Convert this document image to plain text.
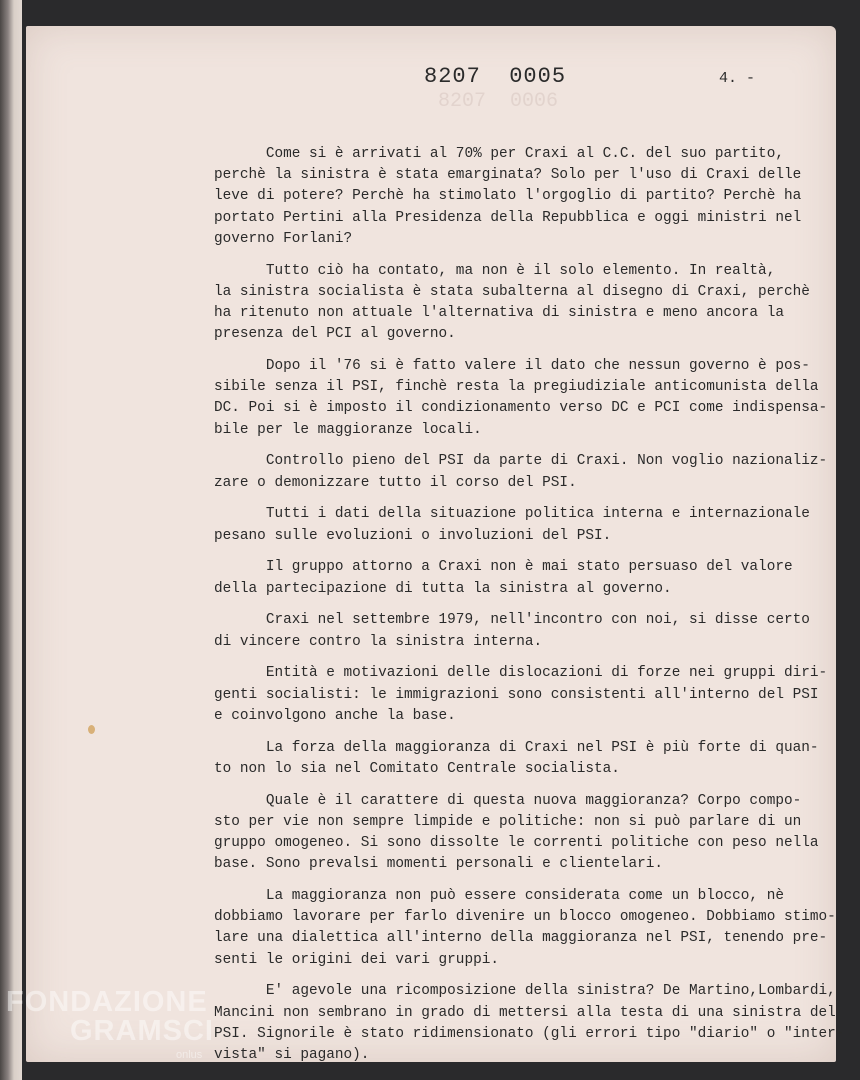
8207  0006
8207  0005	4. -
Come si è arrivati al 70% per Craxi al C.C. del suo partito,
perchè la sinistra è stata emarginata? Solo per l'uso di Craxi delle
leve di potere? Perchè ha stimolato l'orgoglio di partito? Perchè ha
portato Pertini alla Presidenza della Repubblica e oggi ministri nel
governo Forlani?
Tutto ciò ha contato, ma non è il solo elemento. In realtà,
la sinistra socialista è stata subalterna al disegno di Craxi, perchè
ha ritenuto non attuale l'alternativa di sinistra e meno ancora la
presenza del PCI al governo.
Dopo il '76 si è fatto valere il dato che nessun governo è pos-
sibile senza il PSI, finchè resta la pregiudiziale anticomunista della
DC. Poi si è imposto il condizionamento verso DC e PCI come indispensa-
bile per le maggioranze locali.
Controllo pieno del PSI da parte di Craxi. Non voglio nazionaliz-
zare o demonizzare tutto il corso del PSI.
Tutti i dati della situazione politica interna e internazionale
pesano sulle evoluzioni o involuzioni del PSI.
Il gruppo attorno a Craxi non è mai stato persuaso del valore
della partecipazione di tutta la sinistra al governo.
Craxi nel settembre 1979, nell'incontro con noi, si disse certo
di vincere contro la sinistra interna.
Entità e motivazioni delle dislocazioni di forze nei gruppi diri-
genti socialisti: le immigrazioni sono consistenti all'interno del PSI
e coinvolgono anche la base.
La forza della maggioranza di Craxi nel PSI è più forte di quan-
to non lo sia nel Comitato Centrale socialista.
Quale è il carattere di questa nuova maggioranza? Corpo compo-
sto per vie non sempre limpide e politiche: non si può parlare di un
gruppo omogeneo. Si sono dissolte le correnti politiche con peso nella
base. Sono prevalsi momenti personali e clientelari.
La maggioranza non può essere considerata come un blocco, nè
dobbiamo lavorare per farlo divenire un blocco omogeneo. Dobbiamo stimo-
lare una dialettica all'interno della maggioranza nel PSI, tenendo pre-
senti le origini dei vari gruppi.
E' agevole una ricomposizione della sinistra? De Martino,Lombardi,
Mancini non sembrano in grado di mettersi alla testa di una sinistra del
PSI. Signorile è stato ridimensionato (gli errori tipo "diario" o "inter-
vista" si pagano).
FONDAZIONE
GRAMSCI
onlus
